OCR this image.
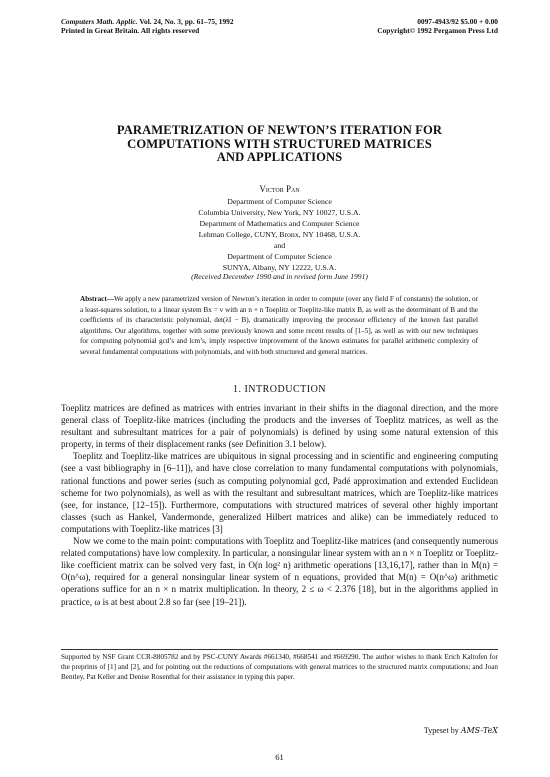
Computers Math. Applic. Vol. 24, No. 3, pp. 61–75, 1992	0097-4943/92 $5.00 + 0.00
Printed in Great Britain. All rights reserved	Copyright© 1992 Pergamon Press Ltd
PARAMETRIZATION OF NEWTON’S ITERATION FOR
COMPUTATIONS WITH STRUCTURED MATRICES
AND APPLICATIONS
Victor Pan
Department of Computer Science
Columbia University, New York, NY 10027, U.S.A.
Department of Mathematics and Computer Science
Lehman College, CUNY, Bronx, NY 10468, U.S.A.
and
Department of Computer Science
SUNYA, Albany, NY 12222, U.S.A.
(Received December 1990 and in revised form June 1991)
Abstract—We apply a new parametrized version of Newton’s iteration in order to compute (over any field F of constants) the solution, or a least-squares solution, to a linear system Bx = v with an n × n Toeplitz or Toeplitz-like matrix B, as well as the determinant of B and the coefficients of its characteristic polynomial, det(λI − B), dramatically improving the processor efficiency of the known fast parallel algorithms. Our algorithms, together with some previously known and some recent results of [1–5], as well as with our new techniques for computing polynomial gcd’s and lcm’s, imply respective improvement of the known estimates for parallel arithmetic complexity of several fundamental computations with polynomials, and with both structured and general matrices.
1. INTRODUCTION

Toeplitz matrices are defined as matrices with entries invariant in their shifts in the diagonal direction, and the more general class of Toeplitz-like matrices (including the products and the inverses of Toeplitz matrices, as well as the resultant and subresultant matrices for a pair of polynomials) is defined by using some natural extension of this property, in terms of their displacement ranks (see Definition 3.1 below).

Toeplitz and Toeplitz-like matrices are ubiquitous in signal processing and in scientific and engineering computing (see a vast bibliography in [6–11]), and have close correlation to many fundamental computations with polynomials, rational functions and power series (such as computing polynomial gcd, Padé approximation and extended Euclidean scheme for two polynomials), as well as with the resultant and subresultant matrices, which are Toeplitz-like matrices (see, for instance, [12–15]). Furthermore, computations with structured matrices of several other highly important classes (such as Hankel, Vandermonde, generalized Hilbert matrices and alike) can be immediately reduced to computations with Toeplitz-like matrices [3]

Now we come to the main point: computations with Toeplitz and Toeplitz-like matrices (and consequently numerous related computations) have low complexity. In particular, a nonsingular linear system with an n × n Toeplitz or Toeplitz-like coefficient matrix can be solved very fast, in O(n log² n) arithmetic operations [13,16,17], rather than in M(n) = O(n^ω), required for a general nonsingular linear system of n equations, provided that M(n) = O(n^ω) arithmetic operations suffice for an n × n matrix multiplication. In theory, 2 ≤ ω < 2.376 [18], but in the algorithms applied in practice, ω is at best about 2.8 so far (see [19–21]).

Supported by NSF Grant CCR-8805782 and by PSC-CUNY Awards #661340, #668541 and #669290. The author wishes to thank Erich Kaltofen for the preprints of [1] and [2], and for pointing out the reductions of computations with general matrices to the structured matrix computations; and Joan Bentley, Pat Keller and Denise Rosenthal for their assistance in typing this paper.
Typeset by AMS-TeX
61
